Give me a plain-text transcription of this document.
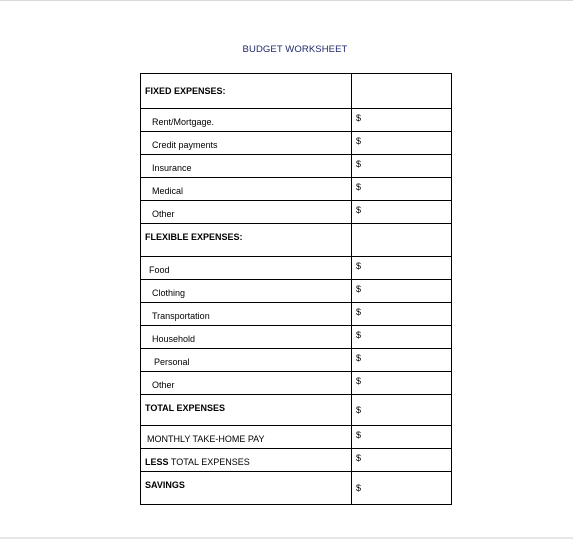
BUDGET WORKSHEET
FIXED EXPENSES:	

Rent/Mortgage.	$

Credit payments	$

Insurance	$

Medical	$

Other	$

FLEXIBLE EXPENSES:	

Food	$

Clothing	$

Transportation	$

Household	$

Personal	$

Other	$

TOTAL EXPENSES	$

MONTHLY TAKE-HOME PAY	$

LESS TOTAL EXPENSES	$

SAVINGS	$
